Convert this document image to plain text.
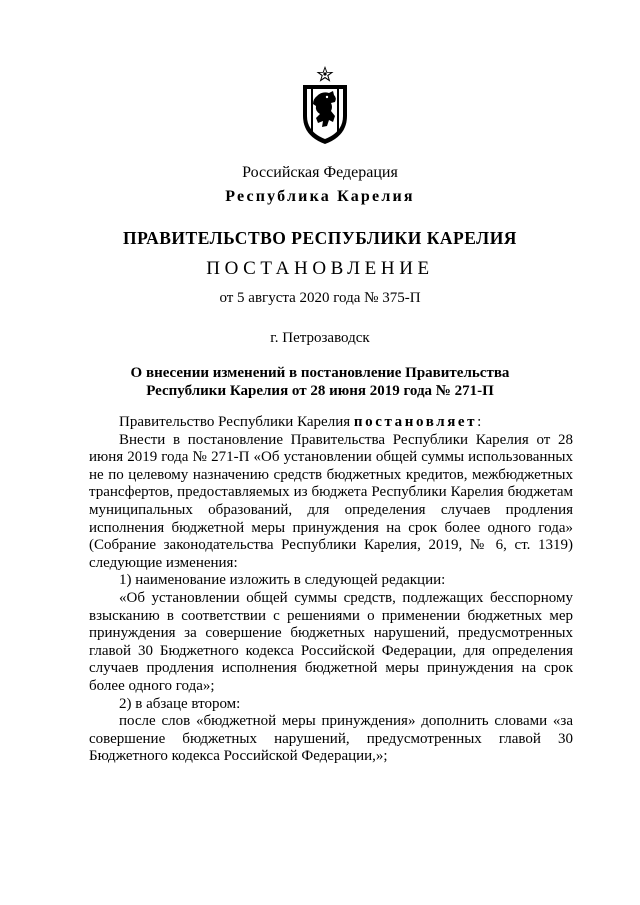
Российская Федерация
Республика Карелия
ПРАВИТЕЛЬСТВО РЕСПУБЛИКИ КАРЕЛИЯ
ПОСТАНОВЛЕНИЕ
от 5 августа 2020 года № 375-П
г. Петрозаводск
О внесении изменений в постановление Правительства
Республики Карелия от 28 июня 2019 года № 271-П

Правительство Республики Карелия постановляет:

Внести в постановление Правительства Республики Карелия от 28 июня 2019 года № 271-П «Об установлении общей суммы использованных не по целевому назначению средств бюджетных кредитов, межбюджетных трансфертов, предоставляемых из бюджета Республики Карелия бюджетам муниципальных образований, для определения случаев продления исполнения бюджетной меры принуждения на срок более одного года» (Собрание законодательства Республики Карелия, 2019, № 6, ст. 1319) следующие изменения:

1) наименование изложить в следующей редакции:

«Об установлении общей суммы средств, подлежащих бесспорному взысканию в соответствии с решениями о применении бюджетных мер принуждения за совершение бюджетных нарушений, предусмотренных главой 30 Бюджетного кодекса Российской Федерации, для определения случаев продления исполнения бюджетной меры принуждения на срок более одного года»;

2) в абзаце втором:

после слов «бюджетной меры принуждения» дополнить словами «за совершение бюджетных нарушений, предусмотренных главой 30 Бюджетного кодекса Российской Федерации,»;
